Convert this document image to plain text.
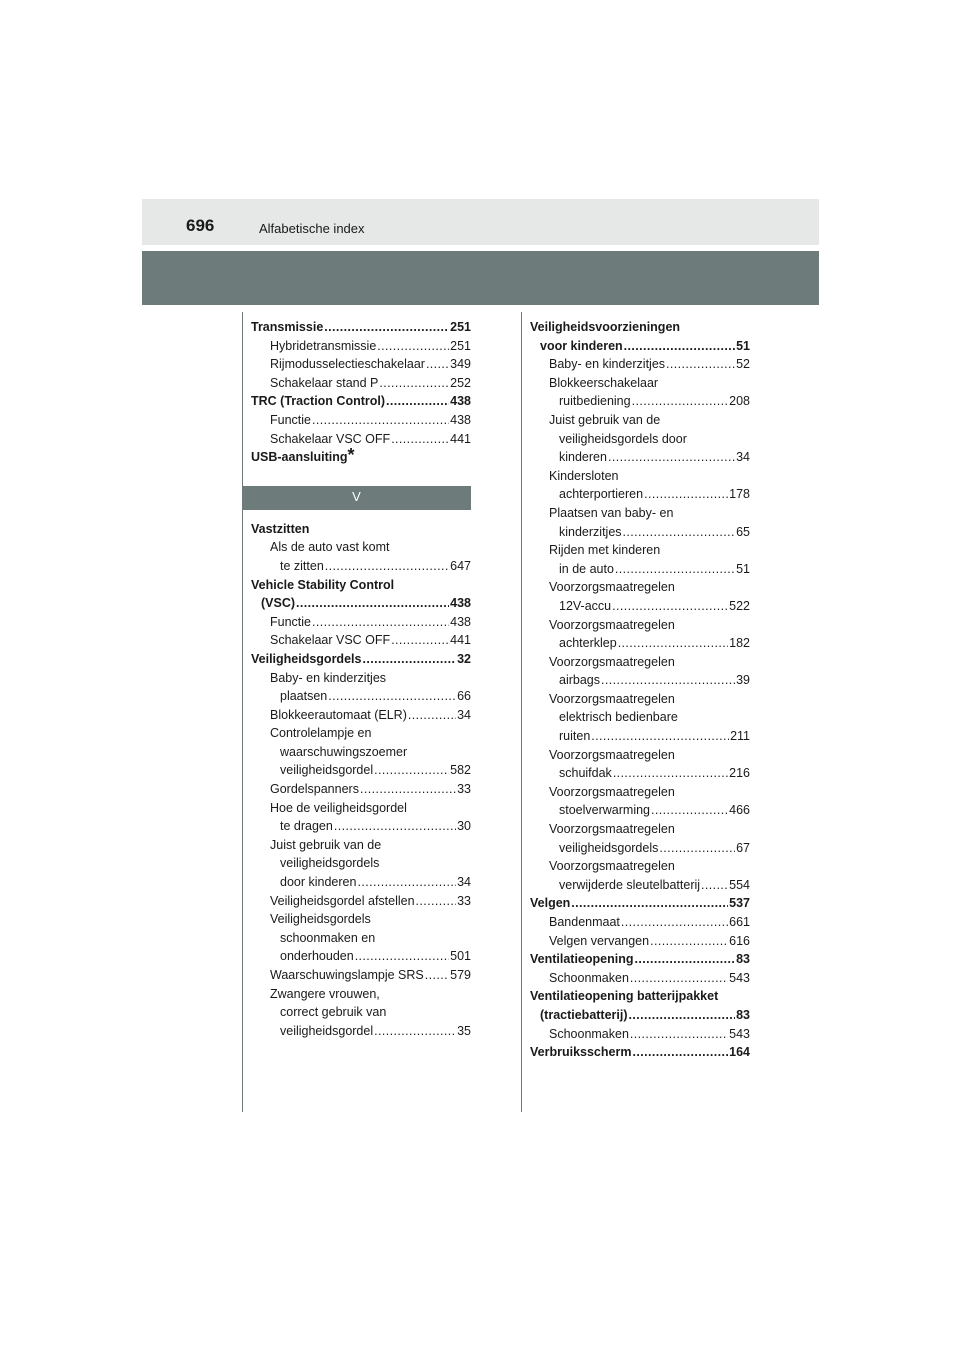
696	Alfabetische index
Transmissie .....	251
Hybridetransmissie .....	251
Rijmodusselectieschakelaar ..... 349
Schakelaar stand P .....	252
TRC (Traction Control) .....	438
Functie .....	438
Schakelaar VSC OFF .....	441
USB-aansluiting *
V
Vastzitten
Als de auto vast komt
te zitten .....	647
Vehicle Stability Control
(VSC) .....	438
Functie .....	438
Schakelaar VSC OFF .....	441
Veiligheidsgordels .....	32
Baby- en kinderzitjes
plaatsen .....	66
Blokkeerautomaat (ELR) .....	34
Controlelampje en
waarschuwingszoemer
veiligheidsgordel .....	582
Gordelspanners .....	33
Hoe de veiligheidsgordel
te dragen .....	30
Juist gebruik van de
veiligheidsgordels
door kinderen .....	34
Veiligheidsgordel afstellen .....	33
Veiligheidsgordels
schoonmaken en
onderhouden .....	501
Waarschuwingslampje SRS ..... 579
Zwangere vrouwen,
correct gebruik van
veiligheidsgordel .....	35
Veiligheidsvoorzieningen
voor kinderen .....	51
Baby- en kinderzitjes .....	52
Blokkeerschakelaar
ruitbediening .....	208
Juist gebruik van de
veiligheidsgordels door
kinderen .....	34
Kindersloten
achterportieren .....	178
Plaatsen van baby- en
kinderzitjes .....	65
Rijden met kinderen
in de auto .....	51
Voorzorgsmaatregelen
12V-accu .....	522
Voorzorgsmaatregelen
achterklep .....	182
Voorzorgsmaatregelen
airbags .....	39
Voorzorgsmaatregelen
elektrisch bedienbare
ruiten .....	211
Voorzorgsmaatregelen
schuifdak .....	216
Voorzorgsmaatregelen
stoelverwarming .....	466
Voorzorgsmaatregelen
veiligheidsgordels .....	67
Voorzorgsmaatregelen
verwijderde sleutelbatterij ..... 554
Velgen .....	537
Bandenmaat .....	661
Velgen vervangen .....	616
Ventilatieopening .....	83
Schoonmaken .....	543
Ventilatieopening batterijpakket
(tractiebatterij) .....	83
Schoonmaken .....	543
Verbruiksscherm .....	164
